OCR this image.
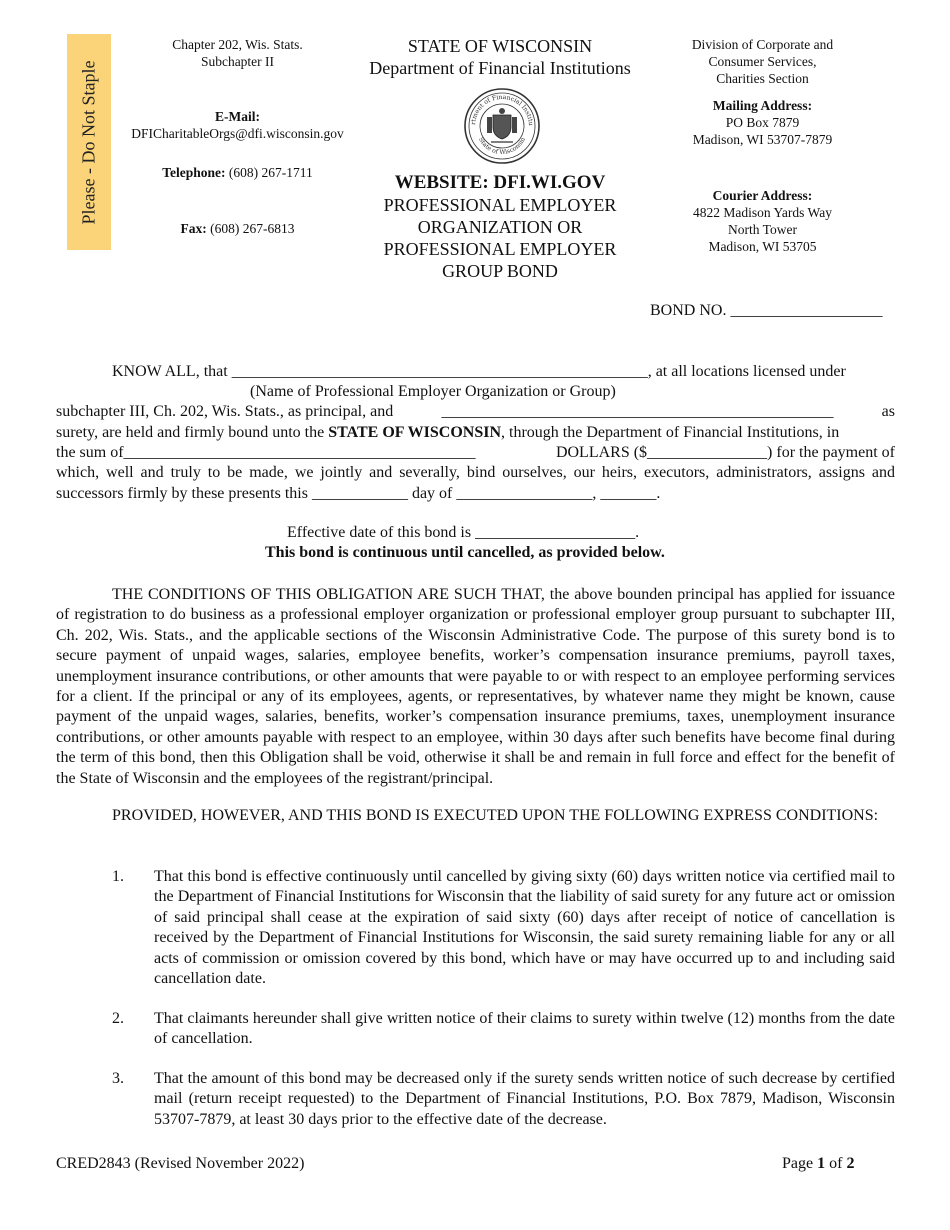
Please - Do Not Staple
Chapter 202, Wis. Stats.
Subchapter II
E-Mail:
DFICharitableOrgs@dfi.wisconsin.gov
Telephone: (608) 267-1711
Fax: (608) 267-6813
STATE OF WISCONSIN
Department of Financial Institutions
rtment of Financial Institu
State of Wisconsin
WEBSITE: DFI.WI.GOV
PROFESSIONAL EMPLOYER
ORGANIZATION OR
PROFESSIONAL EMPLOYER
GROUP BOND
Division of Corporate and
Consumer Services,
Charities Section
Mailing Address:
PO Box 7879
Madison, WI 53707-7879
Courier Address:
4822 Madison Yards Way
North Tower
Madison, WI 53705
BOND NO. ___________________
KNOW ALL, that ____________________________________________________, at all locations licensed under
(Name of Professional Employer Organization or Group)
subchapter III, Ch. 202, Wis. Stats., as principal, and	_________________________________________________	as
surety, are held and firmly bound unto the STATE OF WISCONSIN, through the Department of Financial Institutions, in
the sum of____________________________________________	DOLLARS ($_______________) for the payment of
which, well and truly to be made, we jointly and severally, bind ourselves, our heirs, executors, administrators, assigns and
successors firmly by these presents this ____________ day of _________________, _______.
Effective date of this bond is ____________________.
This bond is continuous until cancelled, as provided below.
THE CONDITIONS OF THIS OBLIGATION ARE SUCH THAT, the above bounden principal has applied for issuance of registration to do business as a professional employer organization or professional employer group pursuant to subchapter III, Ch. 202, Wis. Stats., and the applicable sections of the Wisconsin Administrative Code. The purpose of this surety bond is to secure payment of unpaid wages, salaries, employee benefits, worker’s compensation insurance premiums, payroll taxes, unemployment insurance contributions, or other amounts that were payable to or with respect to an employee performing services for a client. If the principal or any of its employees, agents, or representatives, by whatever name they might be known, cause payment of the unpaid wages, salaries, benefits, worker’s compensation insurance premiums, taxes, unemployment insurance contributions, or other amounts payable with respect to an employee, within 30 days after such benefits have become final during the term of this bond, then this Obligation shall be void, otherwise it shall be and remain in full force and effect for the benefit of the State of Wisconsin and the employees of the registrant/principal.
PROVIDED, HOWEVER, AND THIS BOND IS EXECUTED UPON THE FOLLOWING EXPRESS CONDITIONS:
1.	That this bond is effective continuously until cancelled by giving sixty (60) days written notice via certified mail to the Department of Financial Institutions for Wisconsin that the liability of said surety for any future act or omission of said principal shall cease at the expiration of said sixty (60) days after receipt of notice of cancellation is received by the Department of Financial Institutions for Wisconsin, the said surety remaining liable for any or all acts of commission or omission covered by this bond, which have or may have occurred up to and including said cancellation date.
2.	That claimants hereunder shall give written notice of their claims to surety within twelve (12) months from the date of cancellation.
3.	That the amount of this bond may be decreased only if the surety sends written notice of such decrease by certified mail (return receipt requested) to the Department of Financial Institutions, P.O. Box 7879, Madison, Wisconsin 53707-7879, at least 30 days prior to the effective date of the decrease.
CRED2843 (Revised November 2022)	Page 1 of 2
